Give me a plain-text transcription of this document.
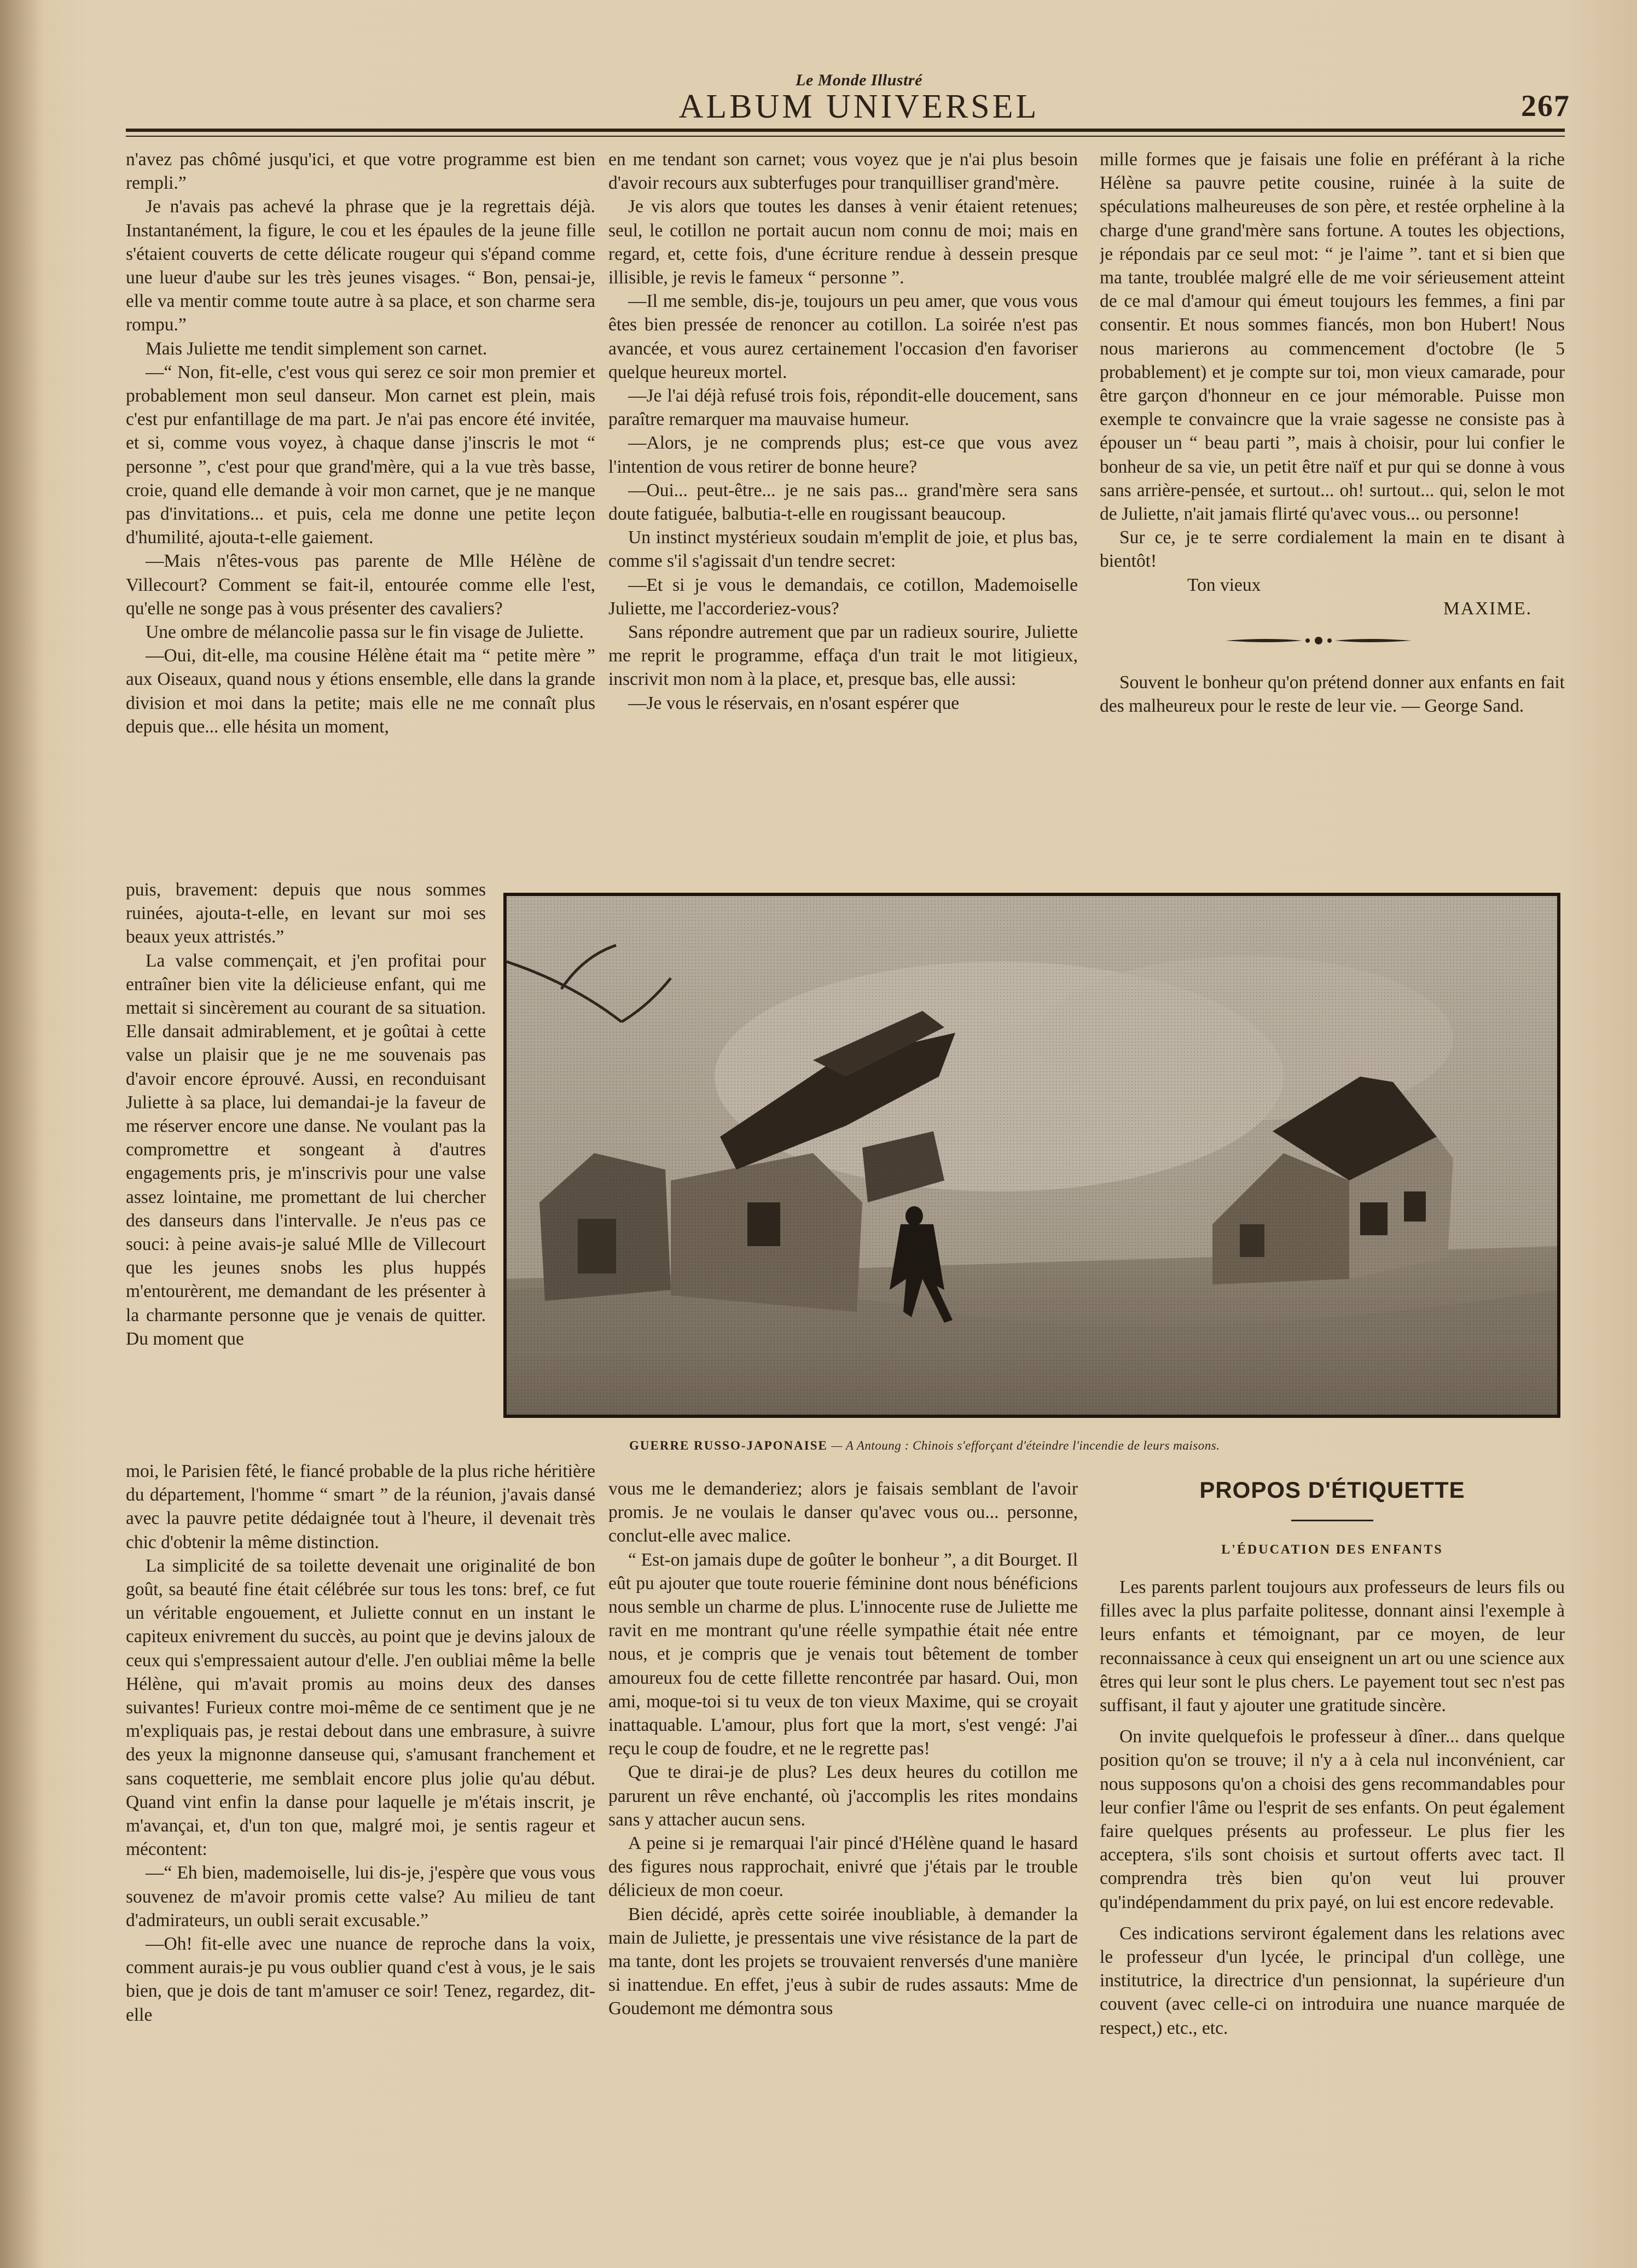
Le Monde Illustré
ALBUM UNIVERSEL	267

n'avez pas chômé jusqu'ici, et que votre programme est bien rempli.”

Je n'avais pas achevé la phrase que je la regrettais déjà. Instantanément, la figure, le cou et les épaules de la jeune fille s'étaient couverts de cette délicate rougeur qui s'épand comme une lueur d'aube sur les très jeunes visages. “ Bon, pensai-je, elle va mentir comme toute autre à sa place, et son charme sera rompu.”

Mais Juliette me tendit simplement son carnet.

—“ Non, fit-elle, c'est vous qui serez ce soir mon premier et probablement mon seul danseur. Mon carnet est plein, mais c'est pur enfantillage de ma part. Je n'ai pas encore été invitée, et si, comme vous voyez, à chaque danse j'inscris le mot “ personne ”, c'est pour que grand'mère, qui a la vue très basse, croie, quand elle demande à voir mon carnet, que je ne manque pas d'invitations... et puis, cela me donne une petite leçon d'humilité, ajouta-t-elle gaiement.

—Mais n'êtes-vous pas parente de Mlle Hélène de Villecourt? Comment se fait-il, entourée comme elle l'est, qu'elle ne songe pas à vous présenter des cavaliers?

Une ombre de mélancolie passa sur le fin visage de Juliette.

—Oui, dit-elle, ma cousine Hélène était ma “ petite mère ” aux Oiseaux, quand nous y étions ensemble, elle dans la grande division et moi dans la petite; mais elle ne me connaît plus depuis que... elle hésita un moment,

puis, bravement: depuis que nous sommes ruinées, ajouta-t-elle, en levant sur moi ses beaux yeux attristés.”

La valse commençait, et j'en profitai pour entraîner bien vite la délicieuse enfant, qui me mettait si sincèrement au courant de sa situation. Elle dansait admirablement, et je goûtai à cette valse un plaisir que je ne me souvenais pas d'avoir encore éprouvé. Aussi, en reconduisant Juliette à sa place, lui demandai-je la faveur de me réserver encore une danse. Ne voulant pas la compromettre et songeant à d'autres engagements pris, je m'inscrivis pour une valse assez lointaine, me promettant de lui chercher des danseurs dans l'intervalle. Je n'eus pas ce souci: à peine avais-je salué Mlle de Villecourt que les jeunes snobs les plus huppés m'entourèrent, me demandant de les présenter à la charmante personne que je venais de quitter. Du moment que

moi, le Parisien fêté, le fiancé probable de la plus riche héritière du département, l'homme “ smart ” de la réunion, j'avais dansé avec la pauvre petite dédaignée tout à l'heure, il devenait très chic d'obtenir la même distinction.

La simplicité de sa toilette devenait une originalité de bon goût, sa beauté fine était célébrée sur tous les tons: bref, ce fut un véritable engouement, et Juliette connut en un instant le capiteux enivrement du succès, au point que je devins jaloux de ceux qui s'empressaient autour d'elle. J'en oubliai même la belle Hélène, qui m'avait promis au moins deux des danses suivantes! Furieux contre moi-même de ce sentiment que je ne m'expliquais pas, je restai debout dans une embrasure, à suivre des yeux la mignonne danseuse qui, s'amusant franchement et sans coquetterie, me semblait encore plus jolie qu'au début. Quand vint enfin la danse pour laquelle je m'étais inscrit, je m'avançai, et, d'un ton que, malgré moi, je sentis rageur et mécontent:

—“ Eh bien, mademoiselle, lui dis-je, j'espère que vous vous souvenez de m'avoir promis cette valse? Au milieu de tant d'admirateurs, un oubli serait excusable.”

—Oh! fit-elle avec une nuance de reproche dans la voix, comment aurais-je pu vous oublier quand c'est à vous, je le sais bien, que je dois de tant m'amuser ce soir! Tenez, regardez, dit-elle

en me tendant son carnet; vous voyez que je n'ai plus besoin d'avoir recours aux subterfuges pour tranquilliser grand'mère.

Je vis alors que toutes les danses à venir étaient retenues; seul, le cotillon ne portait aucun nom connu de moi; mais en regard, et, cette fois, d'une écriture rendue à dessein presque illisible, je revis le fameux “ personne ”.

—Il me semble, dis-je, toujours un peu amer, que vous vous êtes bien pressée de renoncer au cotillon. La soirée n'est pas avancée, et vous aurez certainement l'occasion d'en favoriser quelque heureux mortel.

—Je l'ai déjà refusé trois fois, répondit-elle doucement, sans paraître remarquer ma mauvaise humeur.

—Alors, je ne comprends plus; est-ce que vous avez l'intention de vous retirer de bonne heure?

—Oui... peut-être... je ne sais pas... grand'mère sera sans doute fatiguée, balbutia-t-elle en rougissant beaucoup.

Un instinct mystérieux soudain m'emplit de joie, et plus bas, comme s'il s'agissait d'un tendre secret:

—Et si je vous le demandais, ce cotillon, Mademoiselle Juliette, me l'accorderiez-vous?

Sans répondre autrement que par un radieux sourire, Juliette me reprit le programme, effaça d'un trait le mot litigieux, inscrivit mon nom à la place, et, presque bas, elle aussi:

—Je vous le réservais, en n'osant espérer que

vous me le demanderiez; alors je faisais semblant de l'avoir promis. Je ne voulais le danser qu'avec vous ou... personne, conclut-elle avec malice.

“ Est-on jamais dupe de goûter le bonheur ”, a dit Bourget. Il eût pu ajouter que toute rouerie féminine dont nous bénéficions nous semble un charme de plus. L'innocente ruse de Juliette me ravit en me montrant qu'une réelle sympathie était née entre nous, et je compris que je venais tout bêtement de tomber amoureux fou de cette fillette rencontrée par hasard. Oui, mon ami, moque-toi si tu veux de ton vieux Maxime, qui se croyait inattaquable. L'amour, plus fort que la mort, s'est vengé: J'ai reçu le coup de foudre, et ne le regrette pas!

Que te dirai-je de plus? Les deux heures du cotillon me parurent un rêve enchanté, où j'accomplis les rites mondains sans y attacher aucun sens.

A peine si je remarquai l'air pincé d'Hélène quand le hasard des figures nous rapprochait, enivré que j'étais par le trouble délicieux de mon coeur.

Bien décidé, après cette soirée inoubliable, à demander la main de Juliette, je pressentais une vive résistance de la part de ma tante, dont les projets se trouvaient renversés d'une manière si inattendue. En effet, j'eus à subir de rudes assauts: Mme de Goudemont me démontra sous

mille formes que je faisais une folie en préférant à la riche Hélène sa pauvre petite cousine, ruinée à la suite de spéculations malheureuses de son père, et restée orpheline à la charge d'une grand'mère sans fortune. A toutes les objections, je répondais par ce seul mot: “ je l'aime ”. tant et si bien que ma tante, troublée malgré elle de me voir sérieusement atteint de ce mal d'amour qui émeut toujours les femmes, a fini par consentir. Et nous sommes fiancés, mon bon Hubert! Nous nous marierons au commencement d'octobre (le 5 probablement) et je compte sur toi, mon vieux camarade, pour être garçon d'honneur en ce jour mémorable. Puisse mon exemple te convaincre que la vraie sagesse ne consiste pas à épouser un “ beau parti ”, mais à choisir, pour lui confier le bonheur de sa vie, un petit être naïf et pur qui se donne à vous sans arrière-pensée, et surtout... oh! surtout... qui, selon le mot de Juliette, n'ait jamais flirté qu'avec vous... ou personne!

Sur ce, je te serre cordialement la main en te disant à bientôt!

Ton vieux

MAXIME.

Souvent le bonheur qu'on prétend donner aux enfants en fait des malheureux pour le reste de leur vie. — George Sand.

GUERRE RUSSO-JAPONAISE — A Antoung : Chinois s'efforçant d'éteindre l'incendie de leurs maisons.
PROPOS D'ÉTIQUETTE
L'ÉDUCATION DES ENFANTS

Les parents parlent toujours aux professeurs de leurs fils ou filles avec la plus parfaite politesse, donnant ainsi l'exemple à leurs enfants et témoignant, par ce moyen, de leur reconnaissance à ceux qui enseignent un art ou une science aux êtres qui leur sont le plus chers. Le payement tout sec n'est pas suffisant, il faut y ajouter une gratitude sincère.

On invite quelquefois le professeur à dîner... dans quelque position qu'on se trouve; il n'y a à cela nul inconvénient, car nous supposons qu'on a choisi des gens recommandables pour leur confier l'âme ou l'esprit de ses enfants. On peut également faire quelques présents au professeur. Le plus fier les acceptera, s'ils sont choisis et surtout offerts avec tact. Il comprendra très bien qu'on veut lui prouver qu'indépendamment du prix payé, on lui est encore redevable.

Ces indications serviront également dans les relations avec le professeur d'un lycée, le principal d'un collège, une institutrice, la directrice d'un pensionnat, la supérieure d'un couvent (avec celle-ci on introduira une nuance marquée de respect,) etc., etc.
